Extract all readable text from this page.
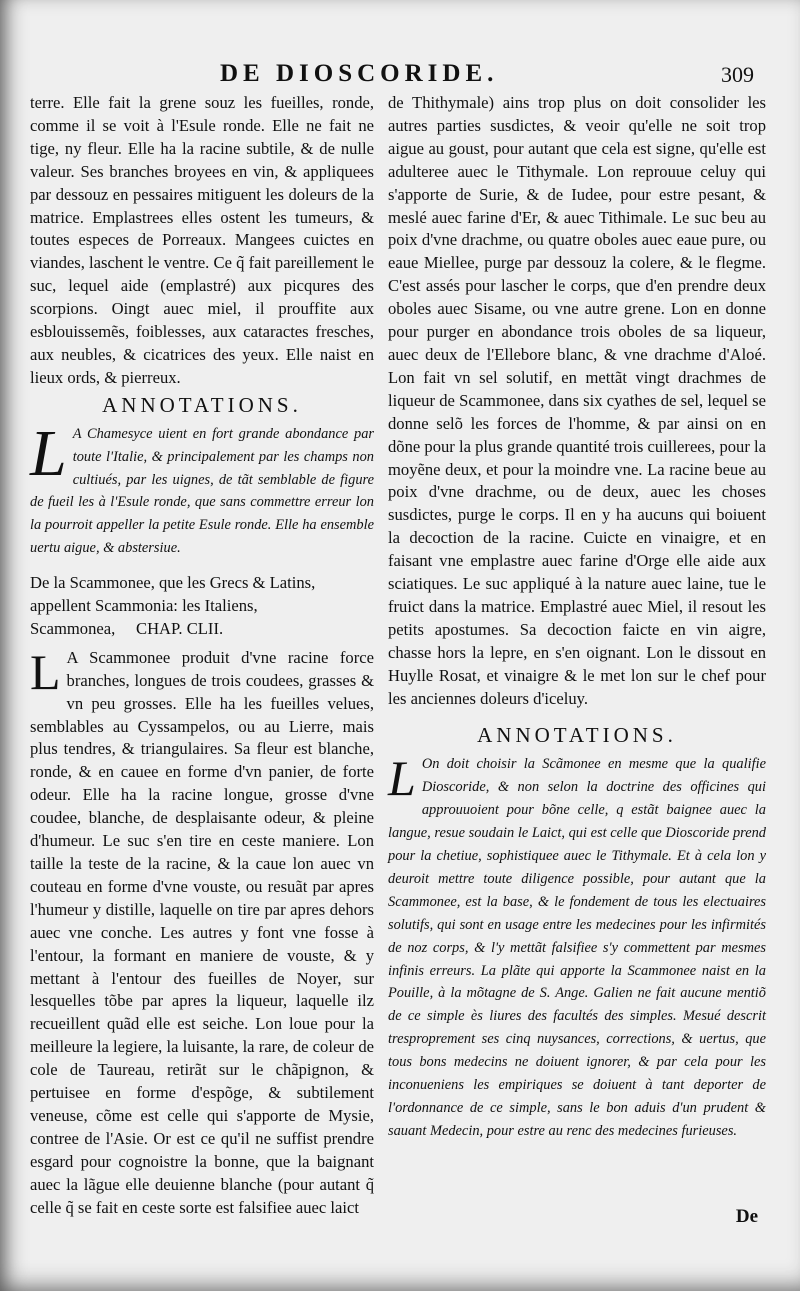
DE DIOSCORIDE.	309

terre. Elle fait la grene souz les fueilles, ronde, comme il se voit à l'Esule ronde. Elle ne fait ne tige, ny fleur. Elle ha la racine subtile, & de nulle valeur. Ses branches broyees en vin, & appliquees par dessouz en pessaires mitiguent les doleurs de la matrice. Emplastrees elles ostent les tumeurs, & toutes especes de Porreaux. Mangees cuictes en viandes, laschent le ventre. Ce q̃ fait pareillement le suc, lequel aide (emplastré) aux picqures des scorpions. Oingt auec miel, il prouffite aux esblouissemẽs, foiblesses, aux cataractes fresches, aux neubles, & cicatrices des yeux. Elle naist en lieux ords, & pierreux.

ANNOTATIONS.

L A Chamesyce uient en fort grande abondance par toute l'Italie, & principalement par les champs non cultiués, par les uignes, de tãt semblable de figure de fueil les à l'Esule ronde, que sans commettre erreur lon la pourroit appeller la petite Esule ronde. Elle ha ensemble uertu aigue, & abstersiue.

De la Scammonee, que les Grecs & Latins, appellent Scammonia: les Italiens, Scammonea, CHAP. CLII.

L A Scammonee produit d'vne racine force branches, longues de trois coudees, grasses & vn peu grosses. Elle ha les fueilles velues, semblables au Cyssampelos, ou au Lierre, mais plus tendres, & triangulaires. Sa fleur est blanche, ronde, & en cauee en forme d'vn panier, de forte odeur. Elle ha la racine longue, grosse d'vne coudee, blanche, de desplaisante odeur, & pleine d'humeur. Le suc s'en tire en ceste maniere. Lon taille la teste de la racine, & la caue lon auec vn couteau en forme d'vne vouste, ou resuãt par apres l'humeur y distille, laquelle on tire par apres dehors auec vne conche. Les autres y font vne fosse à l'entour, la formant en maniere de vouste, & y mettant à l'entour des fueilles de Noyer, sur lesquelles tõbe par apres la liqueur, laquelle ilz recueillent quãd elle est seiche. Lon loue pour la meilleure la legiere, la luisante, la rare, de coleur de cole de Taureau, retirãt sur le chãpignon, & pertuisee en forme d'espõge, & subtilement veneuse, cõme est celle qui s'apporte de Mysie, contree de l'Asie. Or est ce qu'il ne suffist prendre esgard pour cognoistre la bonne, que la baignant auec la lãgue elle deuienne blanche (pour autant q̃ celle q̃ se fait en ceste sorte est falsifiee auec laict

de Thithymale) ains trop plus on doit consolider les autres parties susdictes, & veoir qu'elle ne soit trop aigue au goust, pour autant que cela est signe, qu'elle est adulteree auec le Tithymale. Lon reprouue celuy qui s'apporte de Surie, & de Iudee, pour estre pesant, & meslé auec farine d'Er, & auec Tithimale. Le suc beu au poix d'vne drachme, ou quatre oboles auec eaue pure, ou eaue Miellee, purge par dessouz la colere, & le flegme. C'est assés pour lascher le corps, que d'en prendre deux oboles auec Sisame, ou vne autre grene. Lon en donne pour purger en abondance trois oboles de sa liqueur, auec deux de l'Ellebore blanc, & vne drachme d'Aloé. Lon fait vn sel solutif, en mettãt vingt drachmes de liqueur de Scammonee, dans six cyathes de sel, lequel se donne selõ les forces de l'homme, & par ainsi on en dõne pour la plus grande quantité trois cuillerees, pour la moyẽne deux, et pour la moindre vne. La racine beue au poix d'vne drachme, ou de deux, auec les choses susdictes, purge le corps. Il en y ha aucuns qui boiuent la decoction de la racine. Cuicte en vinaigre, et en faisant vne emplastre auec farine d'Orge elle aide aux sciatiques. Le suc appliqué à la nature auec laine, tue le fruict dans la matrice. Emplastré auec Miel, il resout les petits apostumes. Sa decoction faicte en vin aigre, chasse hors la lepre, en s'en oignant. Lon le dissout en Huylle Rosat, et vinaigre & le met lon sur le chef pour les anciennes doleurs d'iceluy.

ANNOTATIONS.

L On doit choisir la Scãmonee en mesme que la qualifie Dioscoride, & non selon la doctrine des officines qui approuuoient pour bõne celle, q estãt baignee auec la langue, resue soudain le Laict, qui est celle que Dioscoride prend pour la chetiue, sophistiquee auec le Tithymale. Et à cela lon y deuroit mettre toute diligence possible, pour autant que la Scammonee, est la base, & le fondement de tous les electuaires solutifs, qui sont en usage entre les medecines pour les infirmités de noz corps, & l'y mettãt falsifiee s'y commettent par mesmes infinis erreurs. La plãte qui apporte la Scammonee naist en la Pouille, à la mõtagne de S. Ange. Galien ne fait aucune mentiõ de ce simple ès liures des facultés des simples. Mesué descrit tresproprement ses cinq nuysances, corrections, & uertus, que tous bons medecins ne doiuent ignorer, & par cela pour les inconueniens les empiriques se doiuent à tant deporter de l'ordonnance de ce simple, sans le bon aduis d'un prudent & sauant Medecin, pour estre au renc des medecines furieuses.

De
